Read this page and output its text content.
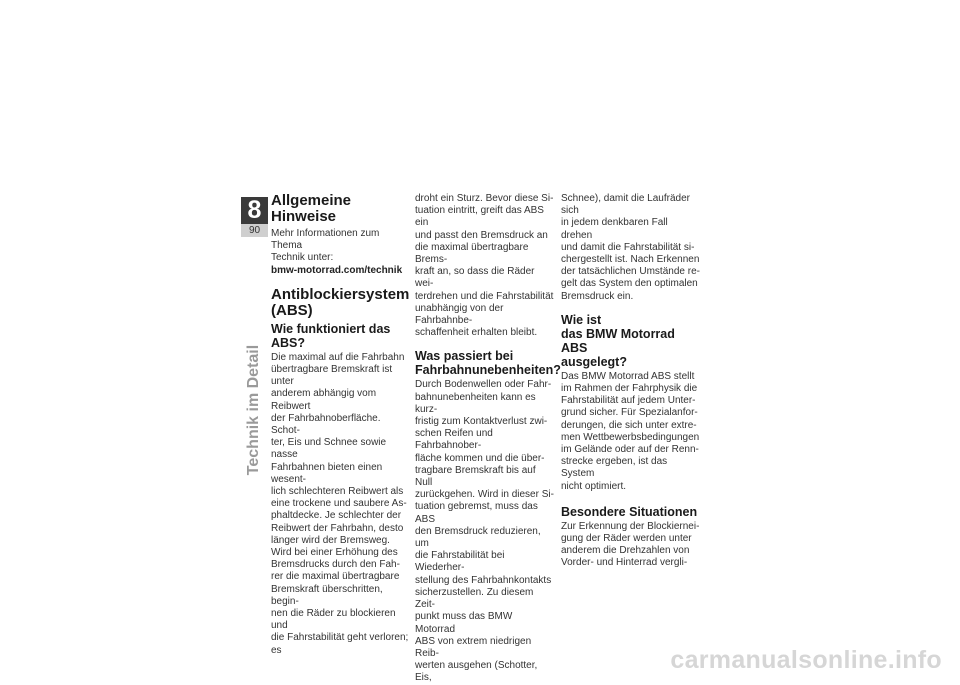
8
90
Technik im Detail
Allgemeine Hinweise
Mehr Informationen zum Thema
Technik unter:
bmw-motorrad.com/technik
Antiblockiersystem
(ABS)
Wie funktioniert das ABS?
Die maximal auf die Fahrbahn
übertragbare Bremskraft ist unter
anderem abhängig vom Reibwert
der Fahrbahnoberfläche. Schot-
ter, Eis und Schnee sowie nasse
Fahrbahnen bieten einen wesent-
lich schlechteren Reibwert als
eine trockene und saubere As-
phaltdecke. Je schlechter der
Reibwert der Fahrbahn, desto
länger wird der Bremsweg.
Wird bei einer Erhöhung des
Bremsdrucks durch den Fah-
rer die maximal übertragbare
Bremskraft überschritten, begin-
nen die Räder zu blockieren und
die Fahrstabilität geht verloren; es
droht ein Sturz. Bevor diese Si-
tuation eintritt, greift das ABS ein
und passt den Bremsdruck an
die maximal übertragbare Brems-
kraft an, so dass die Räder wei-
terdrehen und die Fahrstabilität
unabhängig von der Fahrbahnbe-
schaffenheit erhalten bleibt.
Was passiert bei
Fahrbahnunebenheiten?
Durch Bodenwellen oder Fahr-
bahnunebenheiten kann es kurz-
fristig zum Kontaktverlust zwi-
schen Reifen und Fahrbahnober-
fläche kommen und die über-
tragbare Bremskraft bis auf Null
zurückgehen. Wird in dieser Si-
tuation gebremst, muss das ABS
den Bremsdruck reduzieren, um
die Fahrstabilität bei Wiederher-
stellung des Fahrbahnkontakts
sicherzustellen. Zu diesem Zeit-
punkt muss das BMW Motorrad
ABS von extrem niedrigen Reib-
werten ausgehen (Schotter, Eis,
Schnee), damit die Laufräder sich
in jedem denkbaren Fall drehen
und damit die Fahrstabilität si-
chergestellt ist. Nach Erkennen
der tatsächlichen Umstände re-
gelt das System den optimalen
Bremsdruck ein.
Wie ist
das BMW Motorrad ABS
ausgelegt?
Das BMW Motorrad ABS stellt
im Rahmen der Fahrphysik die
Fahrstabilität auf jedem Unter-
grund sicher. Für Spezialanfor-
derungen, die sich unter extre-
men Wettbewerbsbedingungen
im Gelände oder auf der Renn-
strecke ergeben, ist das System
nicht optimiert.
Besondere Situationen
Zur Erkennung der Blockiernei-
gung der Räder werden unter
anderem die Drehzahlen von
Vorder- und Hinterrad vergli-
carmanualsonline.info
